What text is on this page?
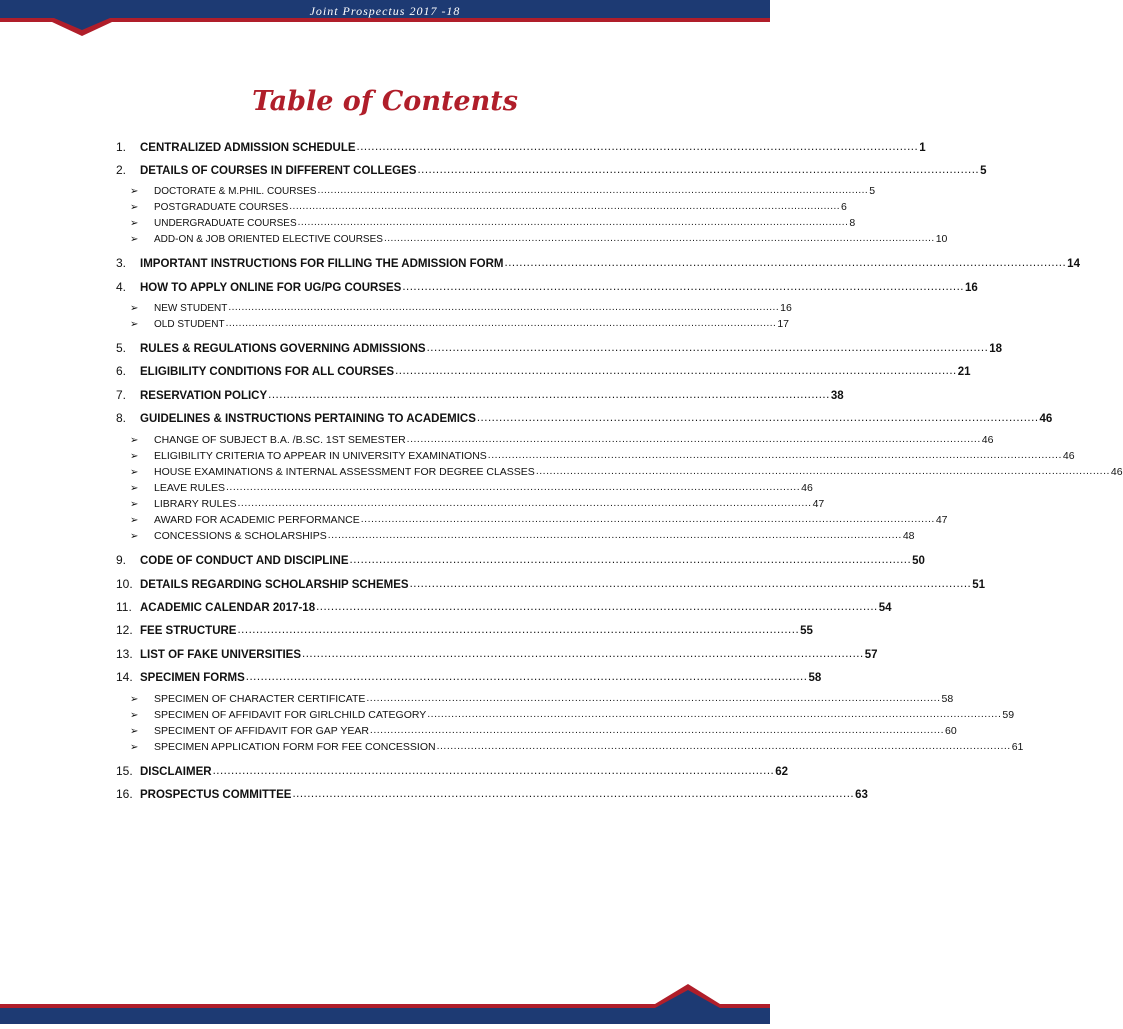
Joint Prospectus 2017 -18
Table of Contents
1.	CENTRALIZED ADMISSION SCHEDULE ........................................................................................................................................................ 1
2.	DETAILS OF COURSES IN DIFFERENT COLLEGES ........................................................................................................................................................ 5
➢	DOCTORATE & M.PHIL. COURSES ........................................................................................................................................................................ 5
➢	POSTGRADUATE COURSES ........................................................................................................................................................................ 6
➢	UNDERGRADUATE COURSES ........................................................................................................................................................................ 8
➢	ADD-ON & JOB ORIENTED ELECTIVE COURSES ........................................................................................................................................................................ 10
3.	IMPORTANT INSTRUCTIONS FOR FILLING THE ADMISSION FORM ........................................................................................................................................................ 14
4.	HOW TO APPLY ONLINE FOR UG/PG COURSES ........................................................................................................................................................ 16
➢	NEW STUDENT ........................................................................................................................................................................ 16
➢	OLD STUDENT ........................................................................................................................................................................ 17
5.	RULES & REGULATIONS GOVERNING ADMISSIONS ........................................................................................................................................................ 18
6.	ELIGIBILITY CONDITIONS FOR ALL COURSES ........................................................................................................................................................ 21
7.	RESERVATION POLICY ........................................................................................................................................................ 38
8.	GUIDELINES & INSTRUCTIONS PERTAINING TO ACADEMICS ........................................................................................................................................................ 46
➢	CHANGE OF SUBJECT B.A. /B.SC. 1ST SEMESTER ........................................................................................................................................................................ 46
➢	ELIGIBILITY CRITERIA TO APPEAR IN UNIVERSITY EXAMINATIONS ........................................................................................................................................................................ 46
➢	HOUSE EXAMINATIONS & INTERNAL ASSESSMENT FOR DEGREE CLASSES ........................................................................................................................................................................ 46
➢	LEAVE RULES ........................................................................................................................................................................ 46
➢	LIBRARY RULES ........................................................................................................................................................................ 47
➢	AWARD FOR ACADEMIC PERFORMANCE ........................................................................................................................................................................ 47
➢	CONCESSIONS & SCHOLARSHIPS ........................................................................................................................................................................ 48
9.	CODE OF CONDUCT AND DISCIPLINE ........................................................................................................................................................ 50
10. DETAILS REGARDING SCHOLARSHIP SCHEMES ........................................................................................................................................................ 51
11. ACADEMIC CALENDAR 2017-18 ........................................................................................................................................................ 54
12. FEE STRUCTURE ........................................................................................................................................................ 55
13. LIST OF FAKE UNIVERSITIES ........................................................................................................................................................ 57
14. SPECIMEN FORMS ........................................................................................................................................................ 58
➢	SPECIMEN OF CHARACTER CERTIFICATE ........................................................................................................................................................................ 58
➢	SPECIMEN OF AFFIDAVIT FOR GIRLCHILD CATEGORY ........................................................................................................................................................................ 59
➢	SPECIMENT OF AFFIDAVIT FOR GAP YEAR ........................................................................................................................................................................ 60
➢	SPECIMEN APPLICATION FORM FOR FEE CONCESSION ........................................................................................................................................................................ 61
15. DISCLAIMER ........................................................................................................................................................ 62
16. PROSPECTUS COMMITTEE ........................................................................................................................................................ 63
